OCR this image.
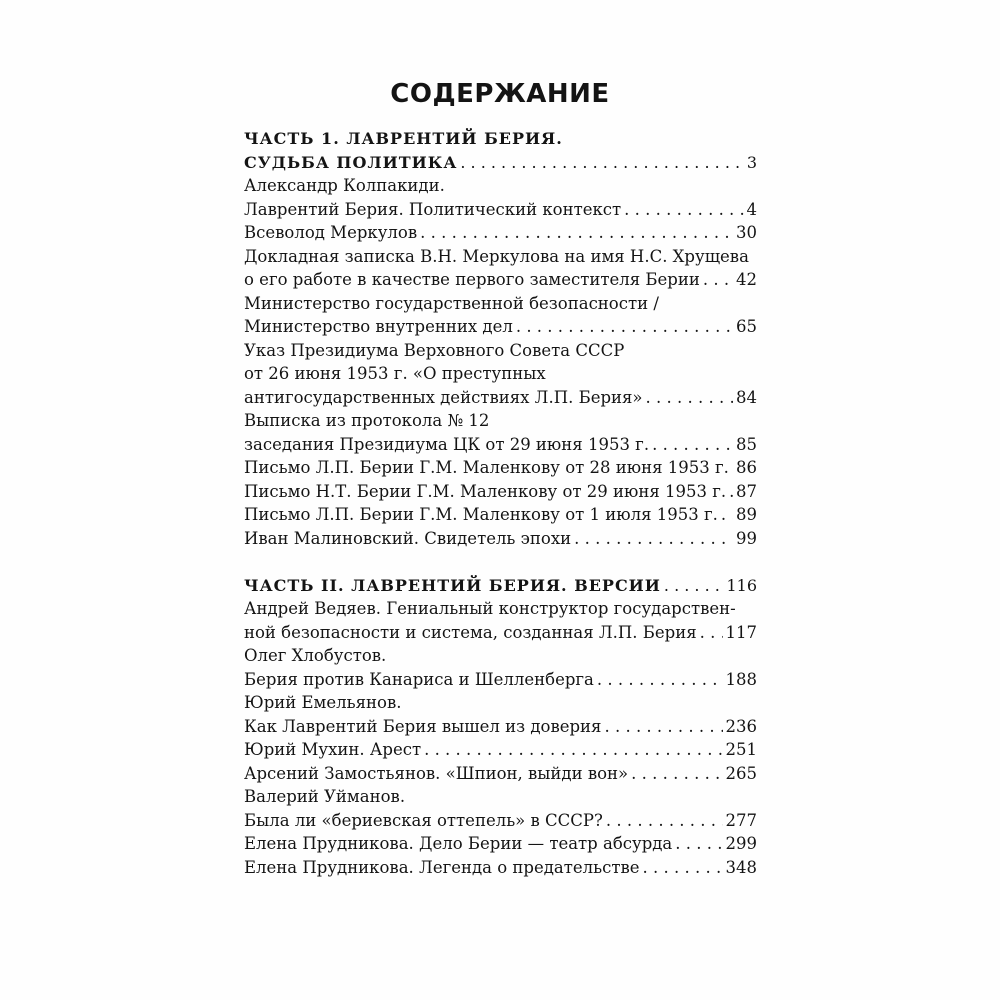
СОДЕРЖАНИЕ
ЧАСТЬ 1. ЛАВРЕНТИЙ БЕРИЯ.
СУДЬБА ПОЛИТИКА . . .	3
Александр Колпакиди.
Лаврентий Берия. Политический контекст . . .	4
Всеволод Меркулов . . .	30
Докладная записка В.Н. Меркулова на имя Н.С. Хрущева
о его работе в качестве первого заместителя Берии . . . 42
Министерство государственной безопасности /
Министерство внутренних дел . . .	65
Указ Президиума Верховного Совета СССР
от 26 июня 1953 г. «О преступных
антигосударственных действиях Л.П. Берия» . . .	84
Выписка из протокола № 12
заседания Президиума ЦК от 29 июня 1953 г. . . .	85
Письмо Л.П. Берии Г.М. Маленкову от 28 июня 1953 г. . . . 86
Письмо Н.Т. Берии Г.М. Маленкову от 29 июня 1953 г. . . . 87
Письмо Л.П. Берии Г.М. Маленкову от 1 июля 1953 г. . . . 89
Иван Малиновский. Свидетель эпохи . . .	99
ЧАСТЬ II. ЛАВРЕНТИЙ БЕРИЯ. ВЕРСИИ . . .	116
Андрей Ведяев. Гениальный конструктор государствен-
ной безопасности и система, созданная Л.П. Берия . . . 117
Олег Хлобустов.
Берия против Канариса и Шелленберга . . .	188
Юрий Емельянов.
Как Лаврентий Берия вышел из доверия . . .	236
Юрий Мухин. Арест . . .	251
Арсений Замостьянов. «Шпион, выйди вон» . . .	265
Валерий Уйманов.
Была ли «бериевская оттепель» в СССР? . . .	277
Елена Прудникова. Дело Берии — театр абсурда . . .	299
Елена Прудникова. Легенда о предательстве . . .	348
